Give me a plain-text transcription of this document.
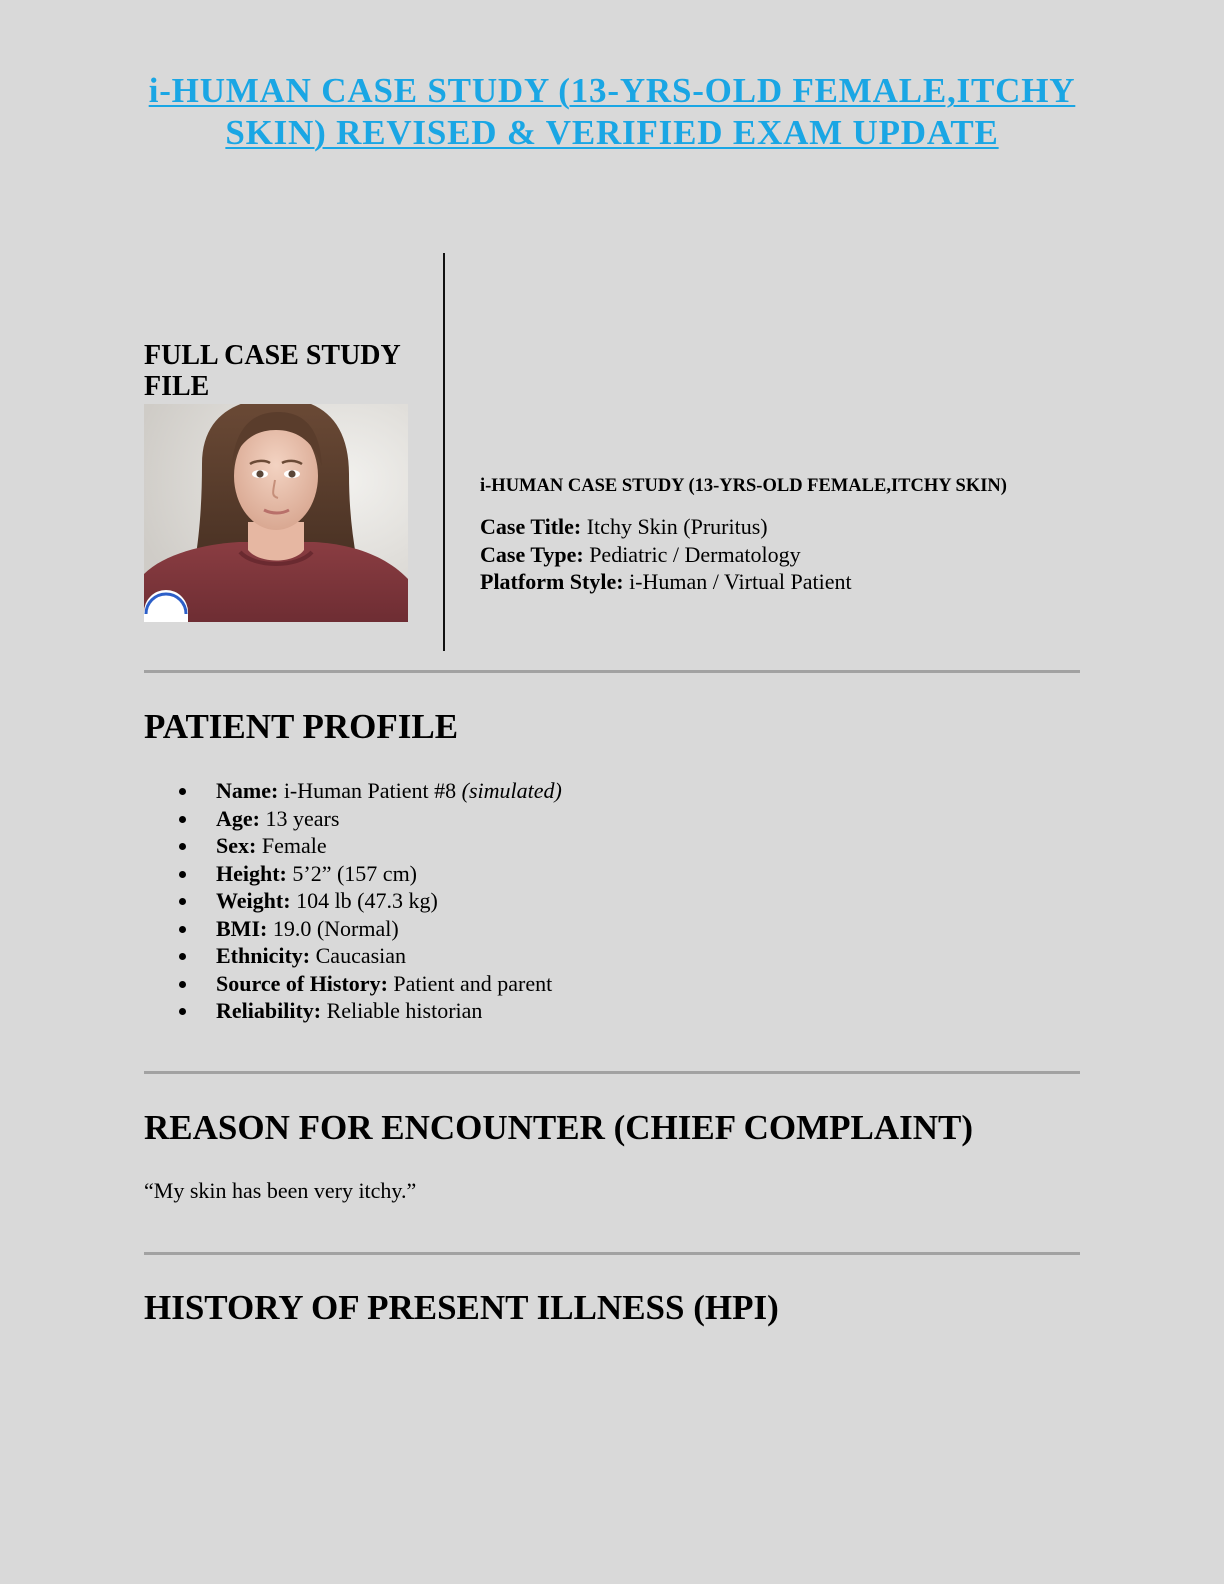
i-HUMAN CASE STUDY (13-YRS-OLD FEMALE,ITCHY SKIN) REVISED & VERIFIED EXAM UPDATE

FULL CASE STUDY FILE

i-HUMAN CASE STUDY (13-YRS-OLD FEMALE,ITCHY SKIN)

Case Title: Itchy Skin (Pruritus)

Case Type: Pediatric / Dermatology

Platform Style: i-Human / Virtual Patient

PATIENT PROFILE
Name: i-Human Patient #8 (simulated)
Age: 13 years
Sex: Female
Height: 5’2” (157 cm)
Weight: 104 lb (47.3 kg)
BMI: 19.0 (Normal)
Ethnicity: Caucasian
Source of History: Patient and parent
Reliability: Reliable historian
REASON FOR ENCOUNTER (CHIEF COMPLAINT)

“My skin has been very itchy.”

HISTORY OF PRESENT ILLNESS (HPI)
